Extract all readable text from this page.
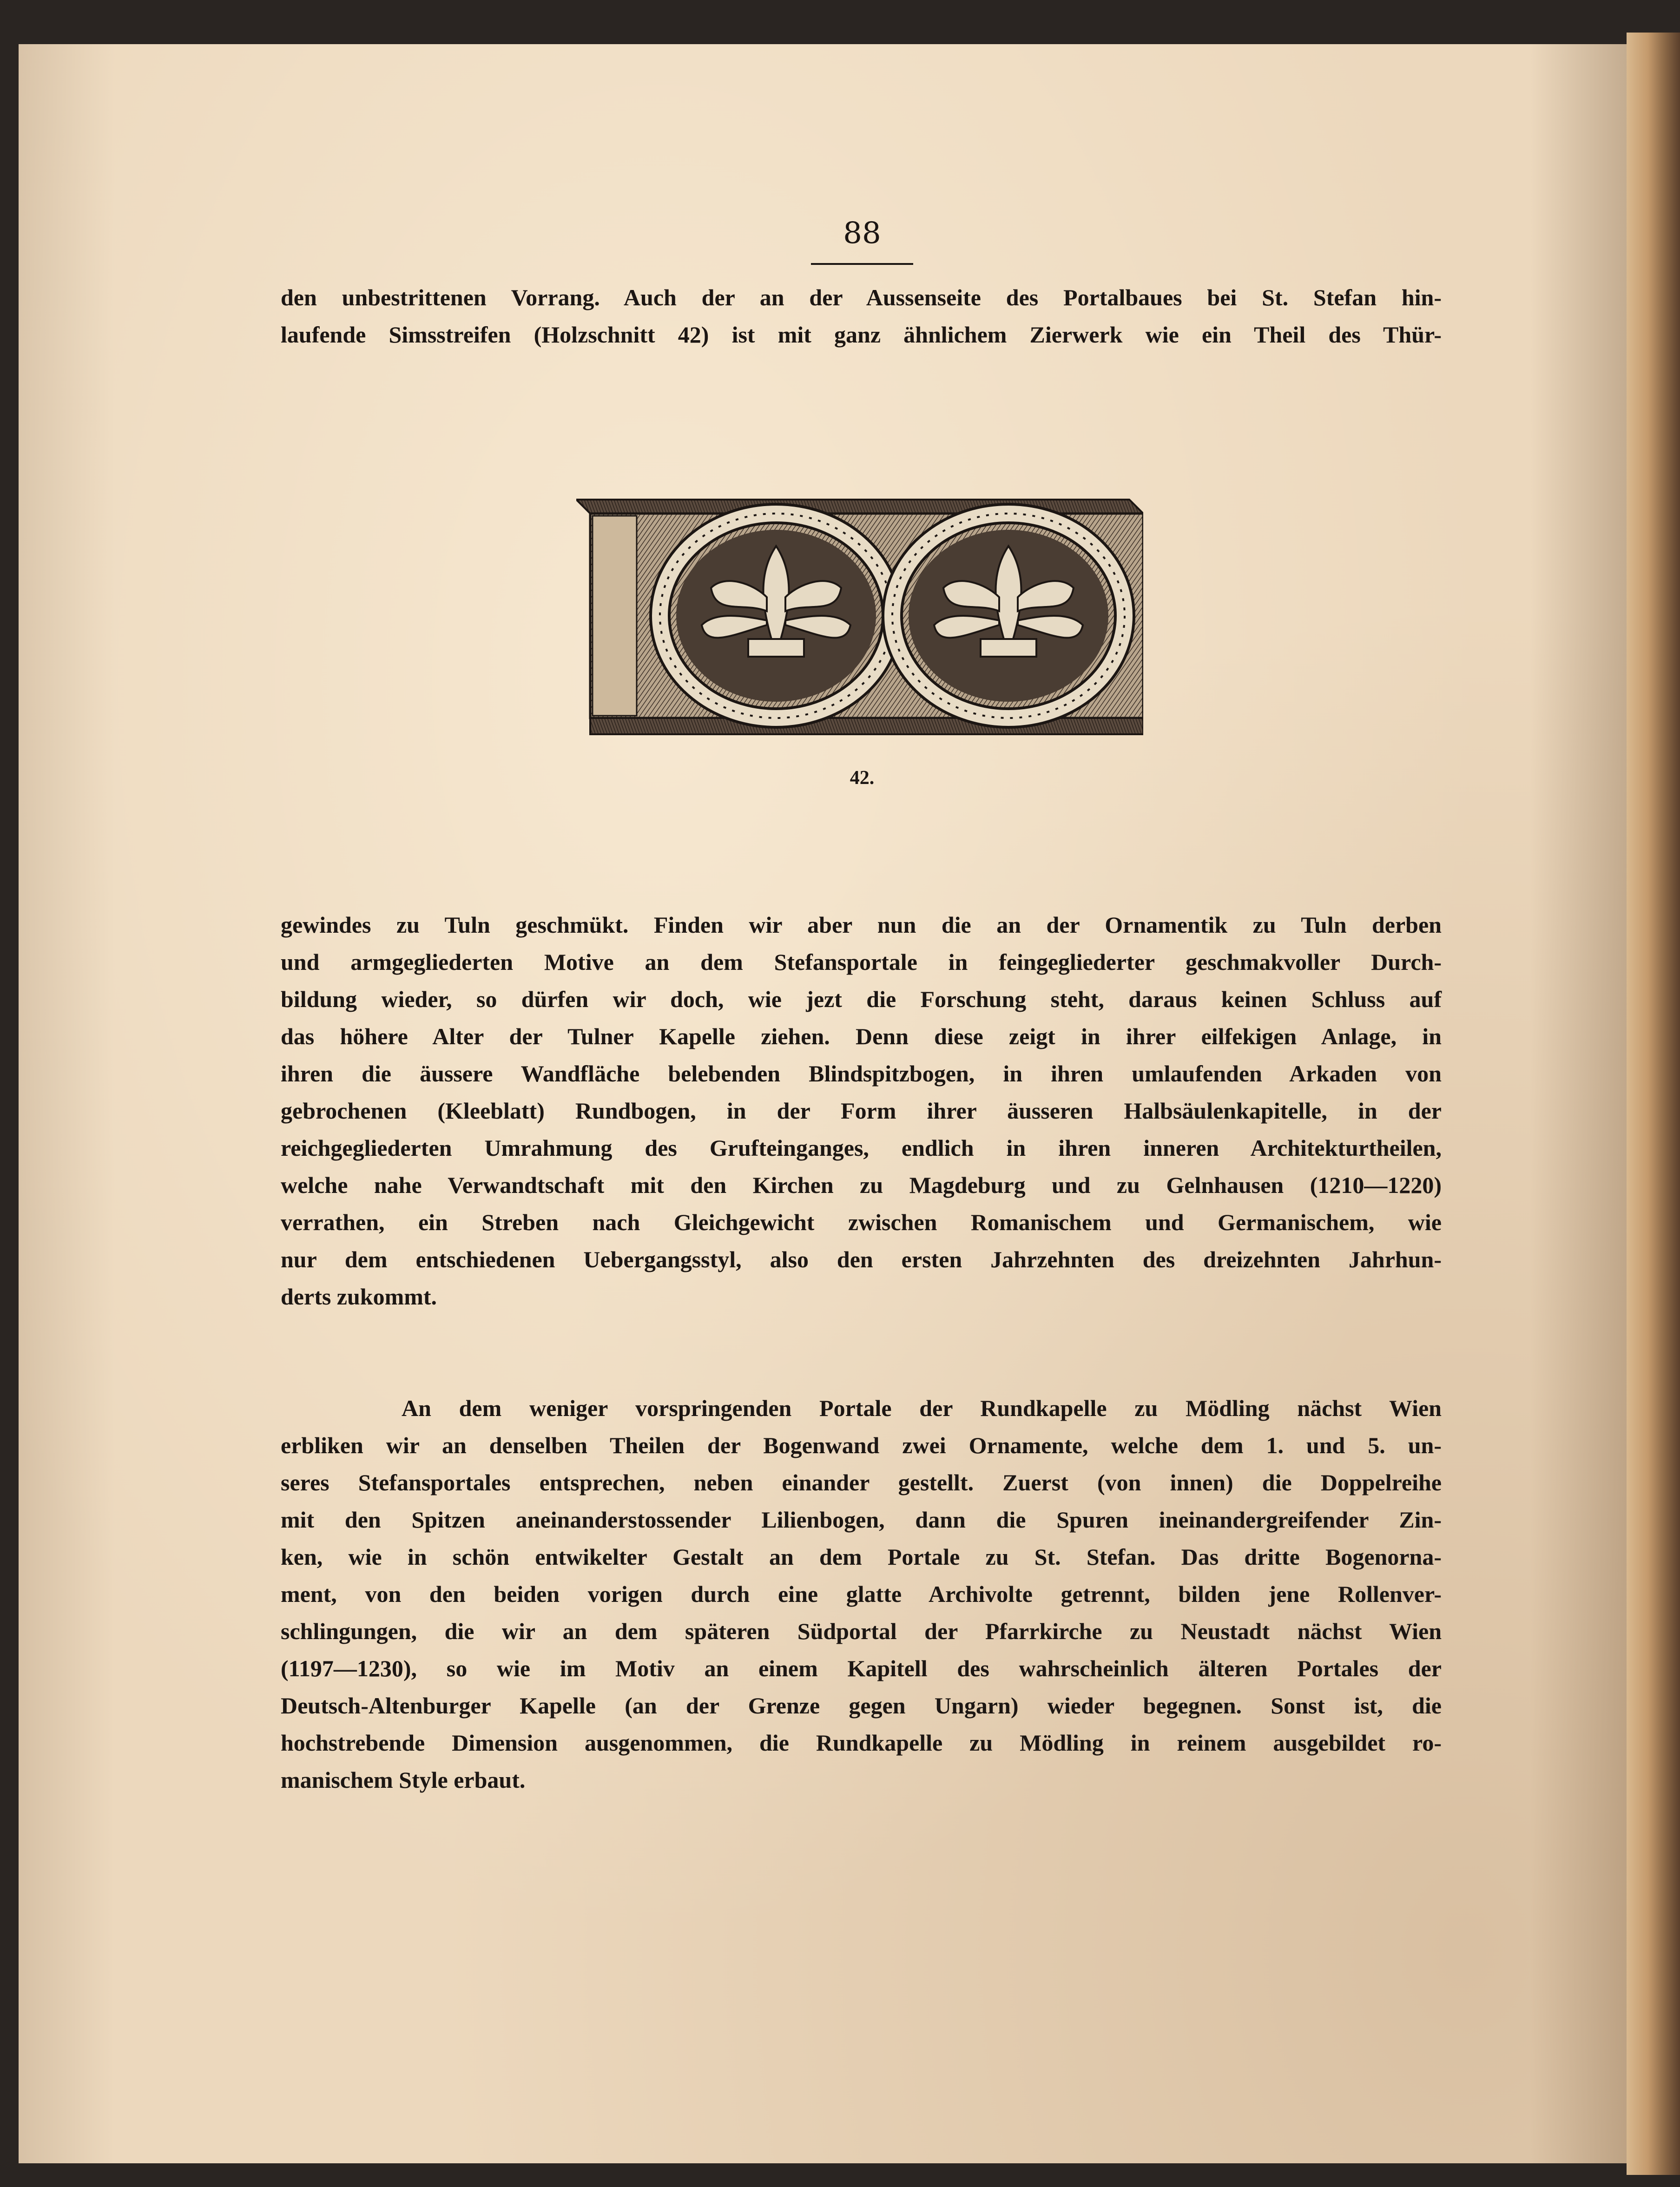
88
den unbestrittenen Vorrang. Auch der an der Aussenseite des Portalbaues bei St. Stefan hin-
laufende Simsstreifen (Holzschnitt 42) ist mit ganz ähnlichem Zierwerk wie ein Theil des Thür-
42.
gewindes zu Tuln geschmükt. Finden wir aber nun die an der Ornamentik zu Tuln derben
und armgegliederten Motive an dem Stefansportale in feingegliederter geschmakvoller Durch-
bildung wieder, so dürfen wir doch, wie jezt die Forschung steht, daraus keinen Schluss auf
das höhere Alter der Tulner Kapelle ziehen. Denn diese zeigt in ihrer eilfekigen Anlage, in
ihren die äussere Wandfläche belebenden Blindspitzbogen, in ihren umlaufenden Arkaden von
gebrochenen (Kleeblatt) Rundbogen, in der Form ihrer äusseren Halbsäulenkapitelle, in der
reichgegliederten Umrahmung des Grufteinganges, endlich in ihren inneren Architekturtheilen,
welche nahe Verwandtschaft mit den Kirchen zu Magdeburg und zu Gelnhausen (1210—1220)
verrathen, ein Streben nach Gleichgewicht zwischen Romanischem und Germanischem, wie
nur dem entschiedenen Uebergangsstyl, also den ersten Jahrzehnten des dreizehnten Jahrhun-
derts zukommt.
An dem weniger vorspringenden Portale der Rundkapelle zu Mödling nächst Wien
erbliken wir an denselben Theilen der Bogenwand zwei Ornamente, welche dem 1. und 5. un-
seres Stefansportales entsprechen, neben einander gestellt. Zuerst (von innen) die Doppelreihe
mit den Spitzen aneinanderstossender Lilienbogen, dann die Spuren ineinandergreifender Zin-
ken, wie in schön entwikelter Gestalt an dem Portale zu St. Stefan. Das dritte Bogenorna-
ment, von den beiden vorigen durch eine glatte Archivolte getrennt, bilden jene Rollenver-
schlingungen, die wir an dem späteren Südportal der Pfarrkirche zu Neustadt nächst Wien
(1197—1230), so wie im Motiv an einem Kapitell des wahrscheinlich älteren Portales der
Deutsch-Altenburger Kapelle (an der Grenze gegen Ungarn) wieder begegnen. Sonst ist, die
hochstrebende Dimension ausgenommen, die Rundkapelle zu Mödling in reinem ausgebildet ro-
manischem Style erbaut.
